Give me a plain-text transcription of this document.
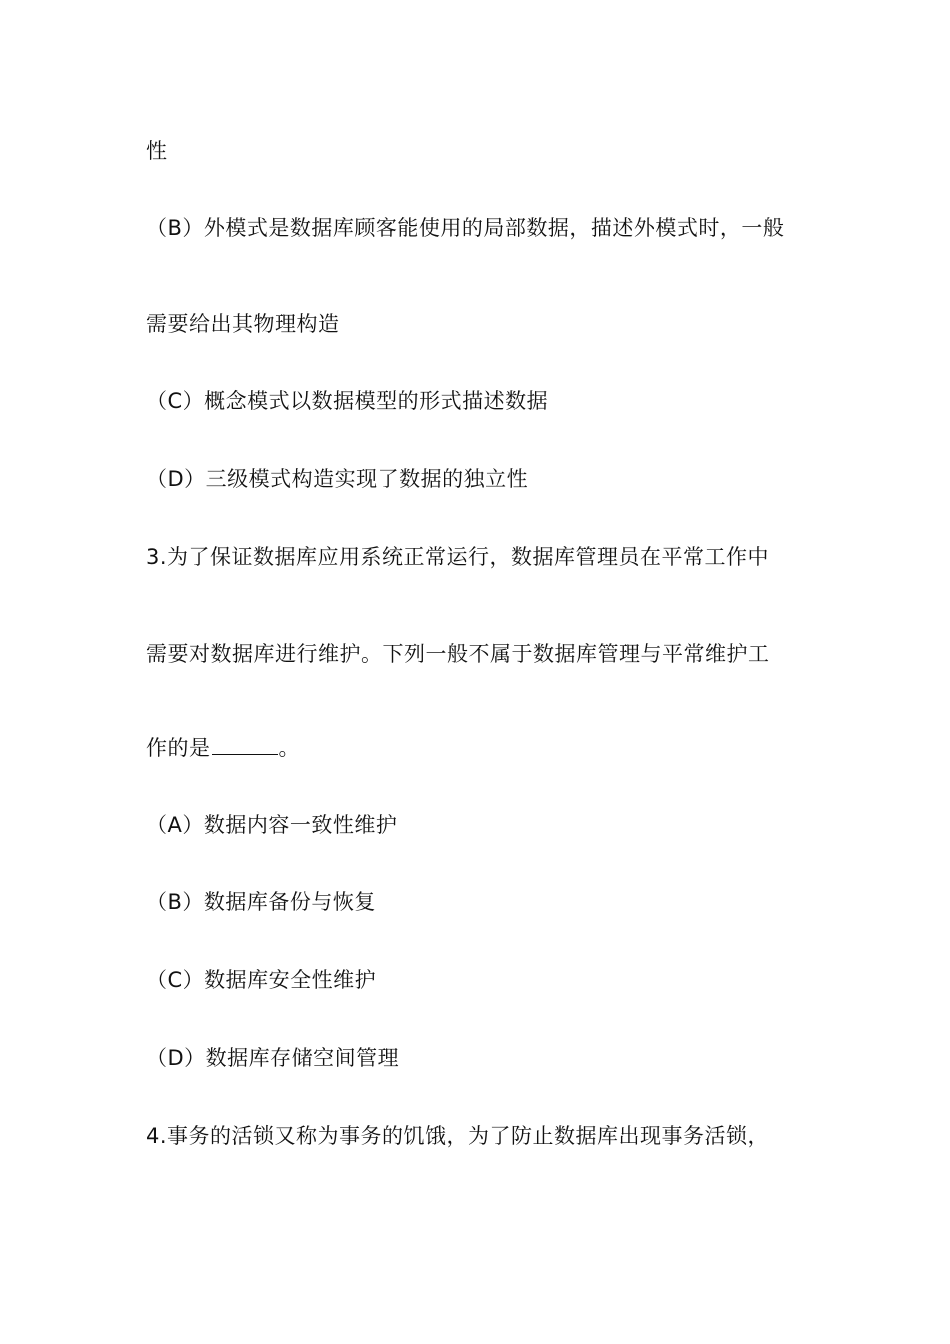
性
（B）外模式是数据库顾客能使用的局部数据，描述外模式时，一般
需要给出其物理构造
（C）概念模式以数据模型的形式描述数据
（D）三级模式构造实现了数据的独立性
3.为了保证数据库应用系统正常运行，数据库管理员在平常工作中
需要对数据库进行维护。下列一般不属于数据库管理与平常维护工
作的是	。
（A）数据内容一致性维护
（B）数据库备份与恢复
（C）数据库安全性维护
（D）数据库存储空间管理
4.事务的活锁又称为事务的饥饿，为了防止数据库出现事务活锁，
